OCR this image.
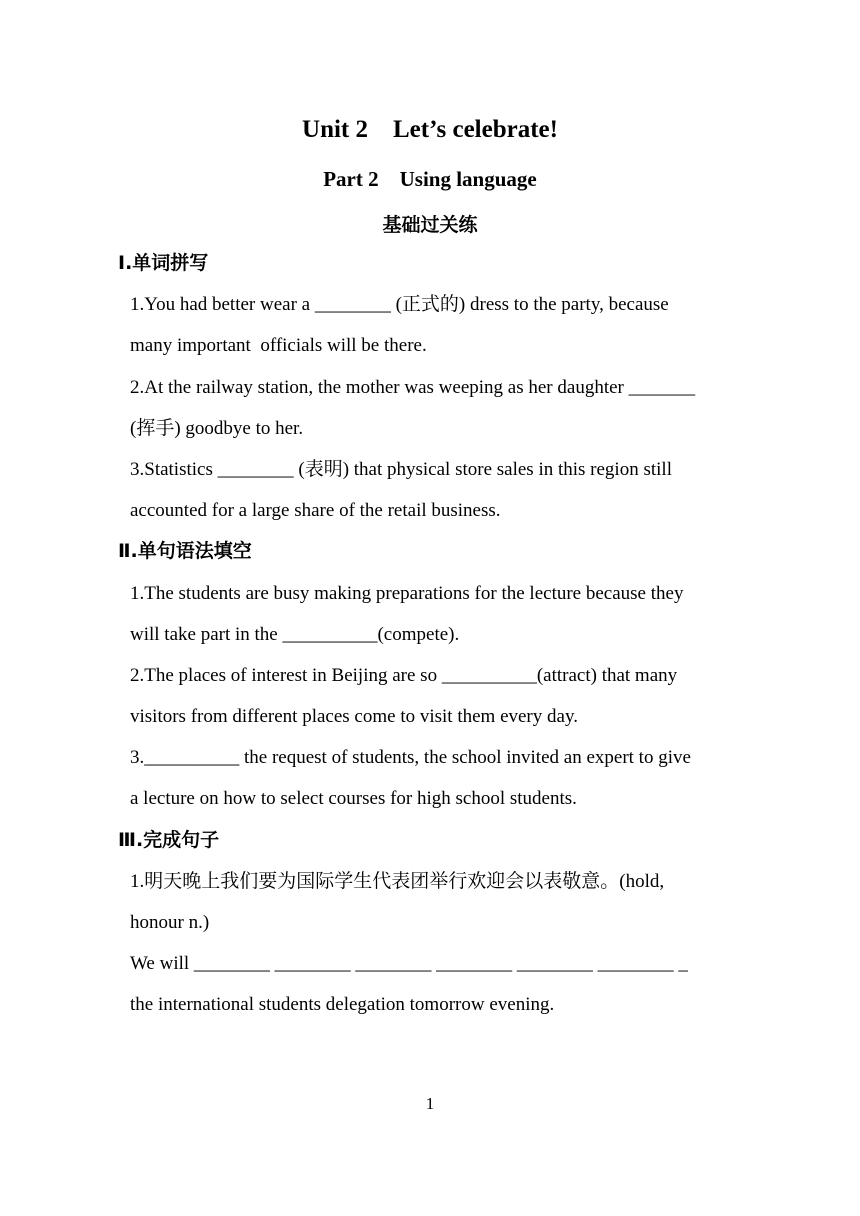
Unit 2    Let’s celebrate!
Part 2    Using language
基础过关练
Ⅰ.单词拼写
1.You had better wear a ________ (正式的) dress to the party, because
many important  officials will be there.
2.At the railway station, the mother was weeping as her daughter _______
(挥手) goodbye to her.
3.Statistics ________ (表明) that physical store sales in this region still
accounted for a large share of the retail business.
Ⅱ.单句语法填空
1.The students are busy making preparations for the lecture because they
will take part in the __________(compete).
2.The places of interest in Beijing are so __________(attract) that many
visitors from different places come to visit them every day.
3.__________ the request of students, the school invited an expert to give
a lecture on how to select courses for high school students.
Ⅲ.完成句子
1.明天晚上我们要为国际学生代表团举行欢迎会以表敬意。(hold,
honour n.)
We will ________ ________ ________ ________ ________ ________ _
the international students delegation tomorrow evening.
1
